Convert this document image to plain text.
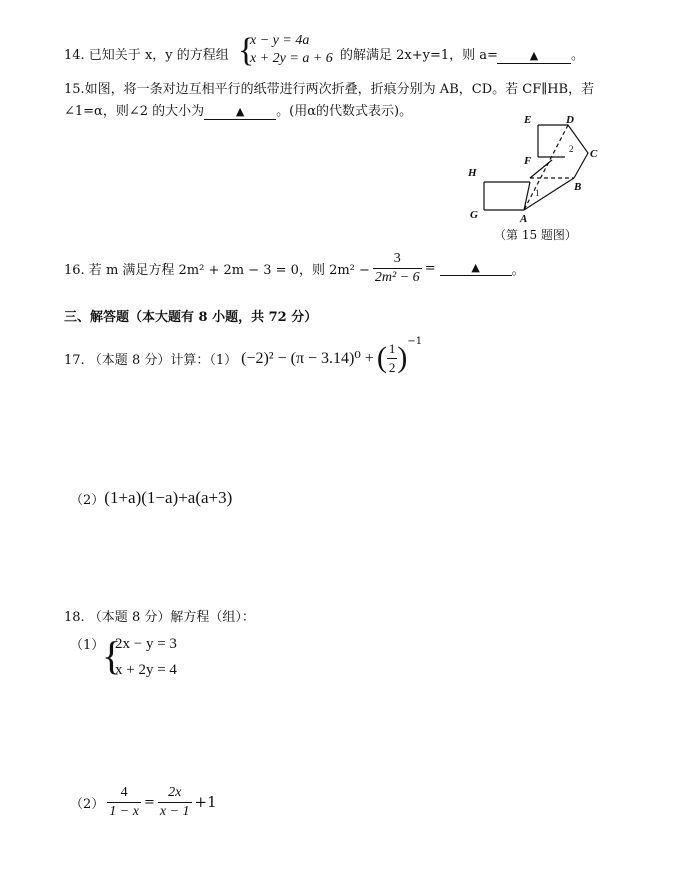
14. 已知关于 x，y 的方程组 {
x − y = 4a
x + 2y = a + 6 的解满足 2x+y=1，则 a=	▲	。
15.如图，将一条对边互相平行的纸带进行两次折叠，折痕分别为 AB，CD。若 CF∥HB，若
∠1=α，则∠2 的大小为	▲ 。(用α的代数式表示)。
E	D
C
F
H
B
G	A
1
2
（第 15 题图）
16. 若 m 满足方程 2m² + 2m − 3 = 0，则 $2m^2 - \frac{3}{\text{2m² − 6}}$ =	▲	。
三、解答题（本大题有 8 小题，共 72 分）
17. （本题 8 分）计算：（1） (−2)² − (π − 3.14)⁰ + ( $\frac{1}{2}$ ) −1
（2） (1+a)(1−a)+a(a+3)
18. （本题 8 分）解方程（组）：
（1）
{
2x − y = 3
x + 2y = 4
$(2) \frac{4}{1 - x} = \frac{2x}{x - 1} +1$
